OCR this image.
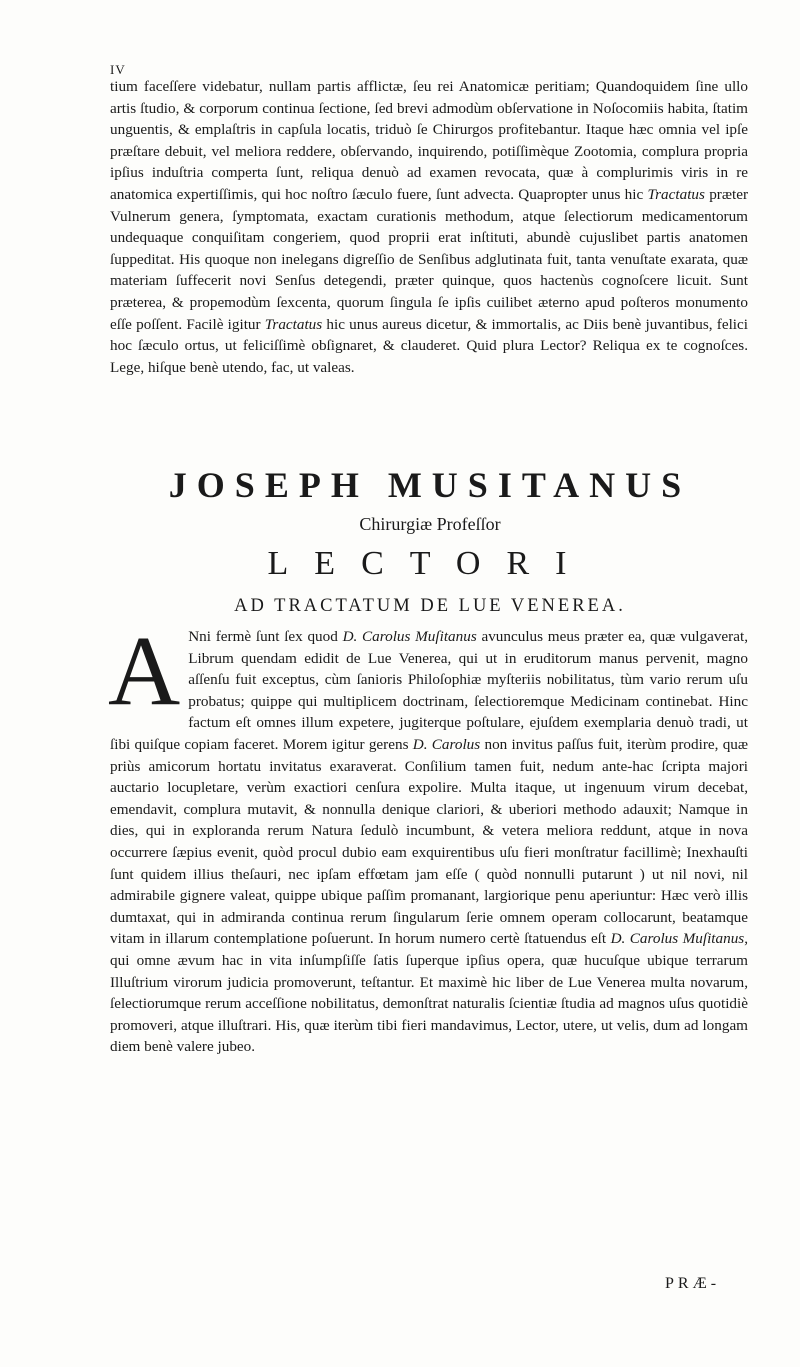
IV
tium faceſſere videbatur, nullam partis afflictæ, ſeu rei Anatomicæ peritiam; Quandoquidem ſine ullo artis ſtudio, & corporum continua ſectione, ſed brevi admodùm obſervatione in Noſocomiis habita, ſtatim unguentis, & emplaſtris in capſula locatis, triduò ſe Chirurgos profitebantur. Itaque hæc omnia vel ipſe præſtare debuit, vel meliora reddere, obſervando, inquirendo, potiſſimèque Zootomia, complura propria ipſius induſtria comperta ſunt, reliqua denuò ad examen revocata, quæ à complurimis viris in re anatomica expertiſſimis, qui hoc noſtro ſæculo fuere, ſunt advecta. Quapropter unus hic Tractatus præter Vulnerum genera, ſymptomata, exactam curationis methodum, atque ſelectiorum medicamentorum undequaque conquiſitam congeriem, quod proprii erat inſtituti, abundè cujuslibet partis anatomen ſuppeditat. His quoque non inelegans digreſſio de Senſibus adglutinata fuit, tanta venuſtate exarata, quæ materiam ſuffecerit novi Senſus detegendi, præter quinque, quos hactenùs cognoſcere licuit. Sunt præterea, & propemodùm ſexcenta, quorum ſingula ſe ipſis cuilibet æterno apud poſteros monumento eſſe poſſent. Facilè igitur Tractatus hic unus aureus dicetur, & immortalis, ac Diis benè juvantibus, felici hoc ſæculo ortus, ut feliciſſimè obſignaret, & clauderet. Quid plura Lector? Reliqua ex te cognoſces. Lege, hiſque benè utendo, fac, ut valeas.
JOSEPH MUSITANUS
Chirurgiæ Profeſſor
LECTORI
AD TRACTATUM DE LUE VENEREA.
A Nni fermè ſunt ſex quod D. Carolus Muſitanus avunculus meus præter ea, quæ vulgaverat, Librum quendam edidit de Lue Venerea, qui ut in eruditorum manus pervenit, magno aſſenſu fuit exceptus, cùm ſanioris Philoſophiæ myſteriis nobilitatus, tùm vario rerum uſu probatus; quippe qui multiplicem doctrinam, ſelectioremque Medicinam continebat. Hinc factum eſt omnes illum expetere, jugiterque poſtulare, ejuſdem exemplaria denuò tradi, ut ſibi quiſque copiam faceret. Morem igitur gerens D. Carolus non invitus paſſus fuit, iterùm prodire, quæ priùs amicorum hortatu invitatus exaraverat. Conſilium tamen fuit, nedum ante-hac ſcripta majori auctario locupletare, verùm exactiori cenſura expolire. Multa itaque, ut ingenuum virum decebat, emendavit, complura mutavit, & nonnulla denique clariori, & uberiori methodo adauxit; Namque in dies, qui in exploranda rerum Natura ſedulò incumbunt, & vetera meliora reddunt, atque in nova occurrere ſæpius evenit, quòd procul dubio eam exquirentibus uſu fieri monſtratur facillimè; Inexhauſti ſunt quidem illius theſauri, nec ipſam effœtam jam eſſe ( quòd nonnulli putarunt ) ut nil novi, nil admirabile gignere valeat, quippe ubique paſſim promanant, largiorique penu aperiuntur: Hæc verò illis dumtaxat, qui in admiranda continua rerum ſingularum ſerie omnem operam collocarunt, beatamque vitam in illarum contemplatione poſuerunt. In horum numero certè ſtatuendus eſt D. Carolus Muſitanus, qui omne ævum hac in vita inſumpſiſſe ſatis ſuperque ipſius opera, quæ hucuſque ubique terrarum Illuſtrium virorum judicia promoverunt, teſtantur. Et maximè hic liber de Lue Venerea multa novarum, ſelectiorumque rerum acceſſione nobilitatus, demonſtrat naturalis ſcientiæ ſtudia ad magnos uſus quotidiè promoveri, atque illuſtrari. His, quæ iterùm tibi fieri mandavimus, Lector, utere, ut velis, dum ad longam diem benè valere jubeo.
PRÆ-
